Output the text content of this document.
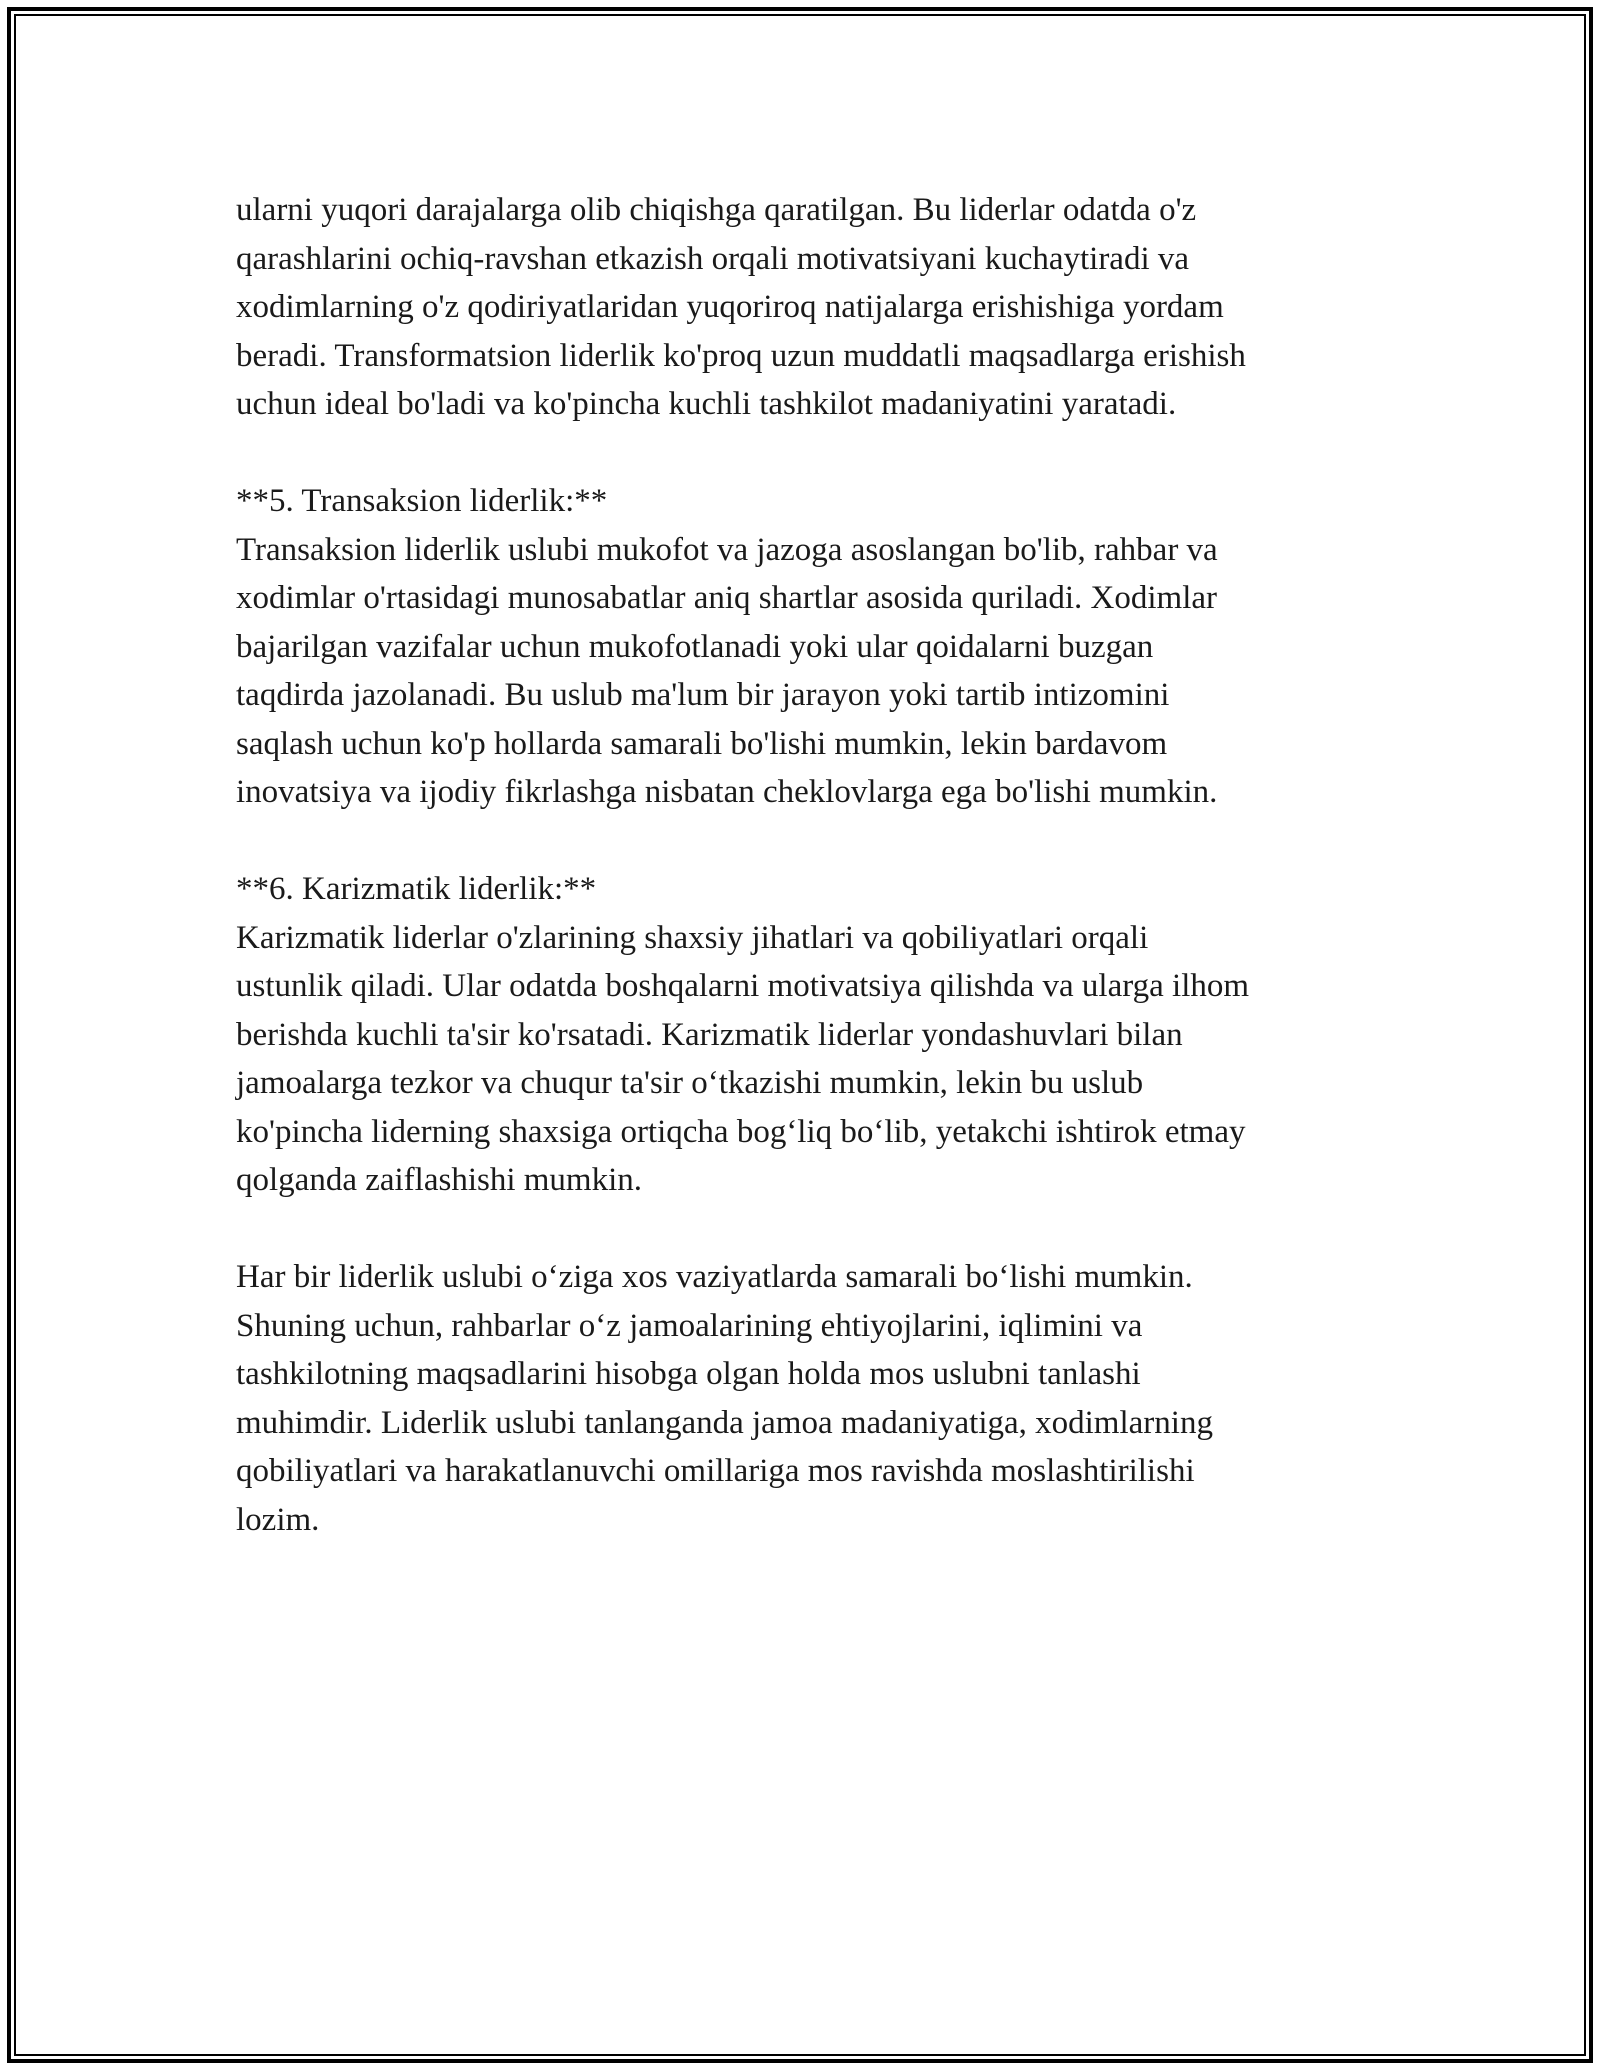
ularni yuqori darajalarga olib chiqishga qaratilgan. Bu liderlar odatda o'z
qarashlarini ochiq-ravshan etkazish orqali motivatsiyani kuchaytiradi va
xodimlarning o'z qodiriyatlaridan yuqoriroq natijalarga erishishiga yordam
beradi. Transformatsion liderlik ko'proq uzun muddatli maqsadlarga erishish
uchun ideal bo'ladi va ko'pincha kuchli tashkilot madaniyatini yaratadi.
**5. Transaksion liderlik:**
Transaksion liderlik uslubi mukofot va jazoga asoslangan bo'lib, rahbar va
xodimlar o'rtasidagi munosabatlar aniq shartlar asosida quriladi. Xodimlar
bajarilgan vazifalar uchun mukofotlanadi yoki ular qoidalarni buzgan
taqdirda jazolanadi. Bu uslub ma'lum bir jarayon yoki tartib intizomini
saqlash uchun ko'p hollarda samarali bo'lishi mumkin, lekin bardavom
inovatsiya va ijodiy fikrlashga nisbatan cheklovlarga ega bo'lishi mumkin.
**6. Karizmatik liderlik:**
Karizmatik liderlar o'zlarining shaxsiy jihatlari va qobiliyatlari orqali
ustunlik qiladi. Ular odatda boshqalarni motivatsiya qilishda va ularga ilhom
berishda kuchli ta'sir ko'rsatadi. Karizmatik liderlar yondashuvlari bilan
jamoalarga tezkor va chuqur ta'sir o‘tkazishi mumkin, lekin bu uslub
ko'pincha liderning shaxsiga ortiqcha bog‘liq bo‘lib, yetakchi ishtirok etmay
qolganda zaiflashishi mumkin.
Har bir liderlik uslubi o‘ziga xos vaziyatlarda samarali bo‘lishi mumkin.
Shuning uchun, rahbarlar o‘z jamoalarining ehtiyojlarini, iqlimini va
tashkilotning maqsadlarini hisobga olgan holda mos uslubni tanlashi
muhimdir. Liderlik uslubi tanlanganda jamoa madaniyatiga, xodimlarning
qobiliyatlari va harakatlanuvchi omillariga mos ravishda moslashtirilishi
lozim.
